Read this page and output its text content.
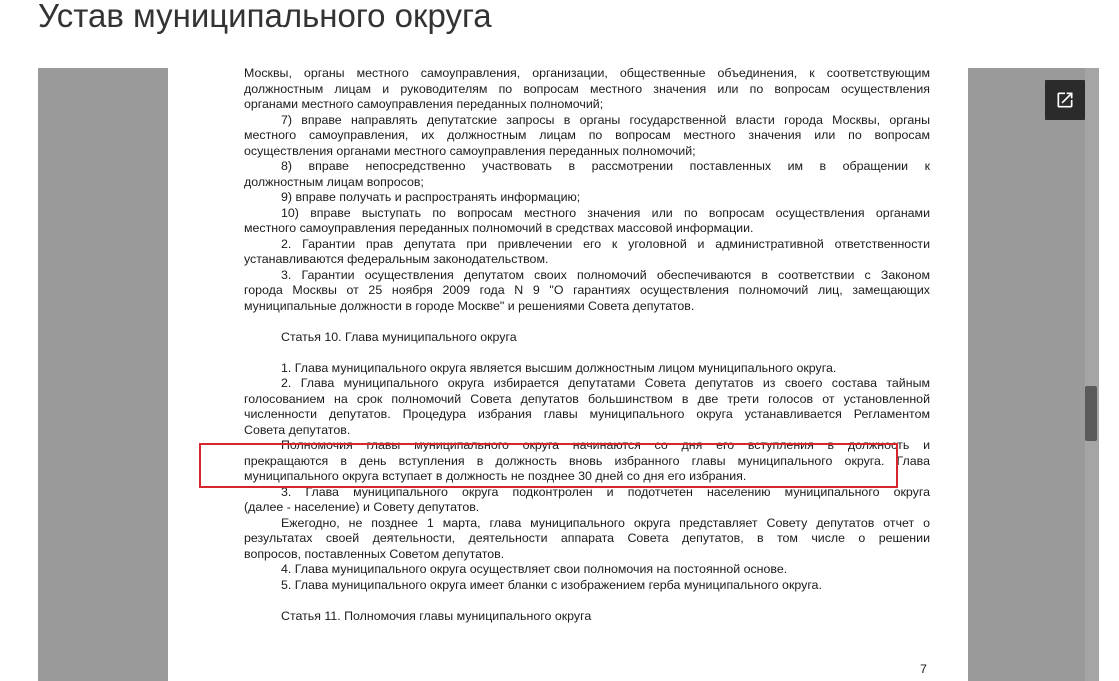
Устав муниципального округа
Москвы, органы местного самоуправления, организации, общественные объединения, к соответствующим
должностным лицам и руководителям по вопросам местного значения или по вопросам осуществления
органами местного самоуправления переданных полномочий;
7) вправе направлять депутатские запросы в органы государственной власти города Москвы, органы
местного самоуправления, их должностным лицам по вопросам местного значения или по вопросам
осуществления органами местного самоуправления переданных полномочий;
8) вправе непосредственно участвовать в рассмотрении поставленных им в обращении к
должностным лицам вопросов;
9) вправе получать и распространять информацию;
10) вправе выступать по вопросам местного значения или по вопросам осуществления органами
местного самоуправления переданных полномочий в средствах массовой информации.
2. Гарантии прав депутата при привлечении его к уголовной и административной ответственности
устанавливаются федеральным законодательством.
3. Гарантии осуществления депутатом своих полномочий обеспечиваются в соответствии с Законом
города Москвы от 25 ноября 2009 года N 9 "О гарантиях осуществления полномочий лиц, замещающих
муниципальные должности в городе Москве" и решениями Совета депутатов.
Статья 10. Глава муниципального округа
1. Глава муниципального округа является высшим должностным лицом муниципального округа.
2. Глава муниципального округа избирается депутатами Совета депутатов из своего состава тайным
голосованием на срок полномочий Совета депутатов большинством в две трети голосов от установленной
численности депутатов. Процедура избрания главы муниципального округа устанавливается Регламентом
Совета депутатов.
Полномочия главы муниципального округа начинаются со дня его вступления в должность и
прекращаются в день вступления в должность вновь избранного главы муниципального округа. Глава
муниципального округа вступает в должность не позднее 30 дней со дня его избрания.
3. Глава муниципального округа подконтролен и подотчетен населению муниципального округа
(далее - население) и Совету депутатов.
Ежегодно, не позднее 1 марта, глава муниципального округа представляет Совету депутатов отчет о
результатах своей деятельности, деятельности аппарата Совета депутатов, в том числе о решении
вопросов, поставленных Советом депутатов.
4. Глава муниципального округа осуществляет свои полномочия на постоянной основе.
5. Глава муниципального округа имеет бланки с изображением герба муниципального округа.
Статья 11. Полномочия главы муниципального округа
7
